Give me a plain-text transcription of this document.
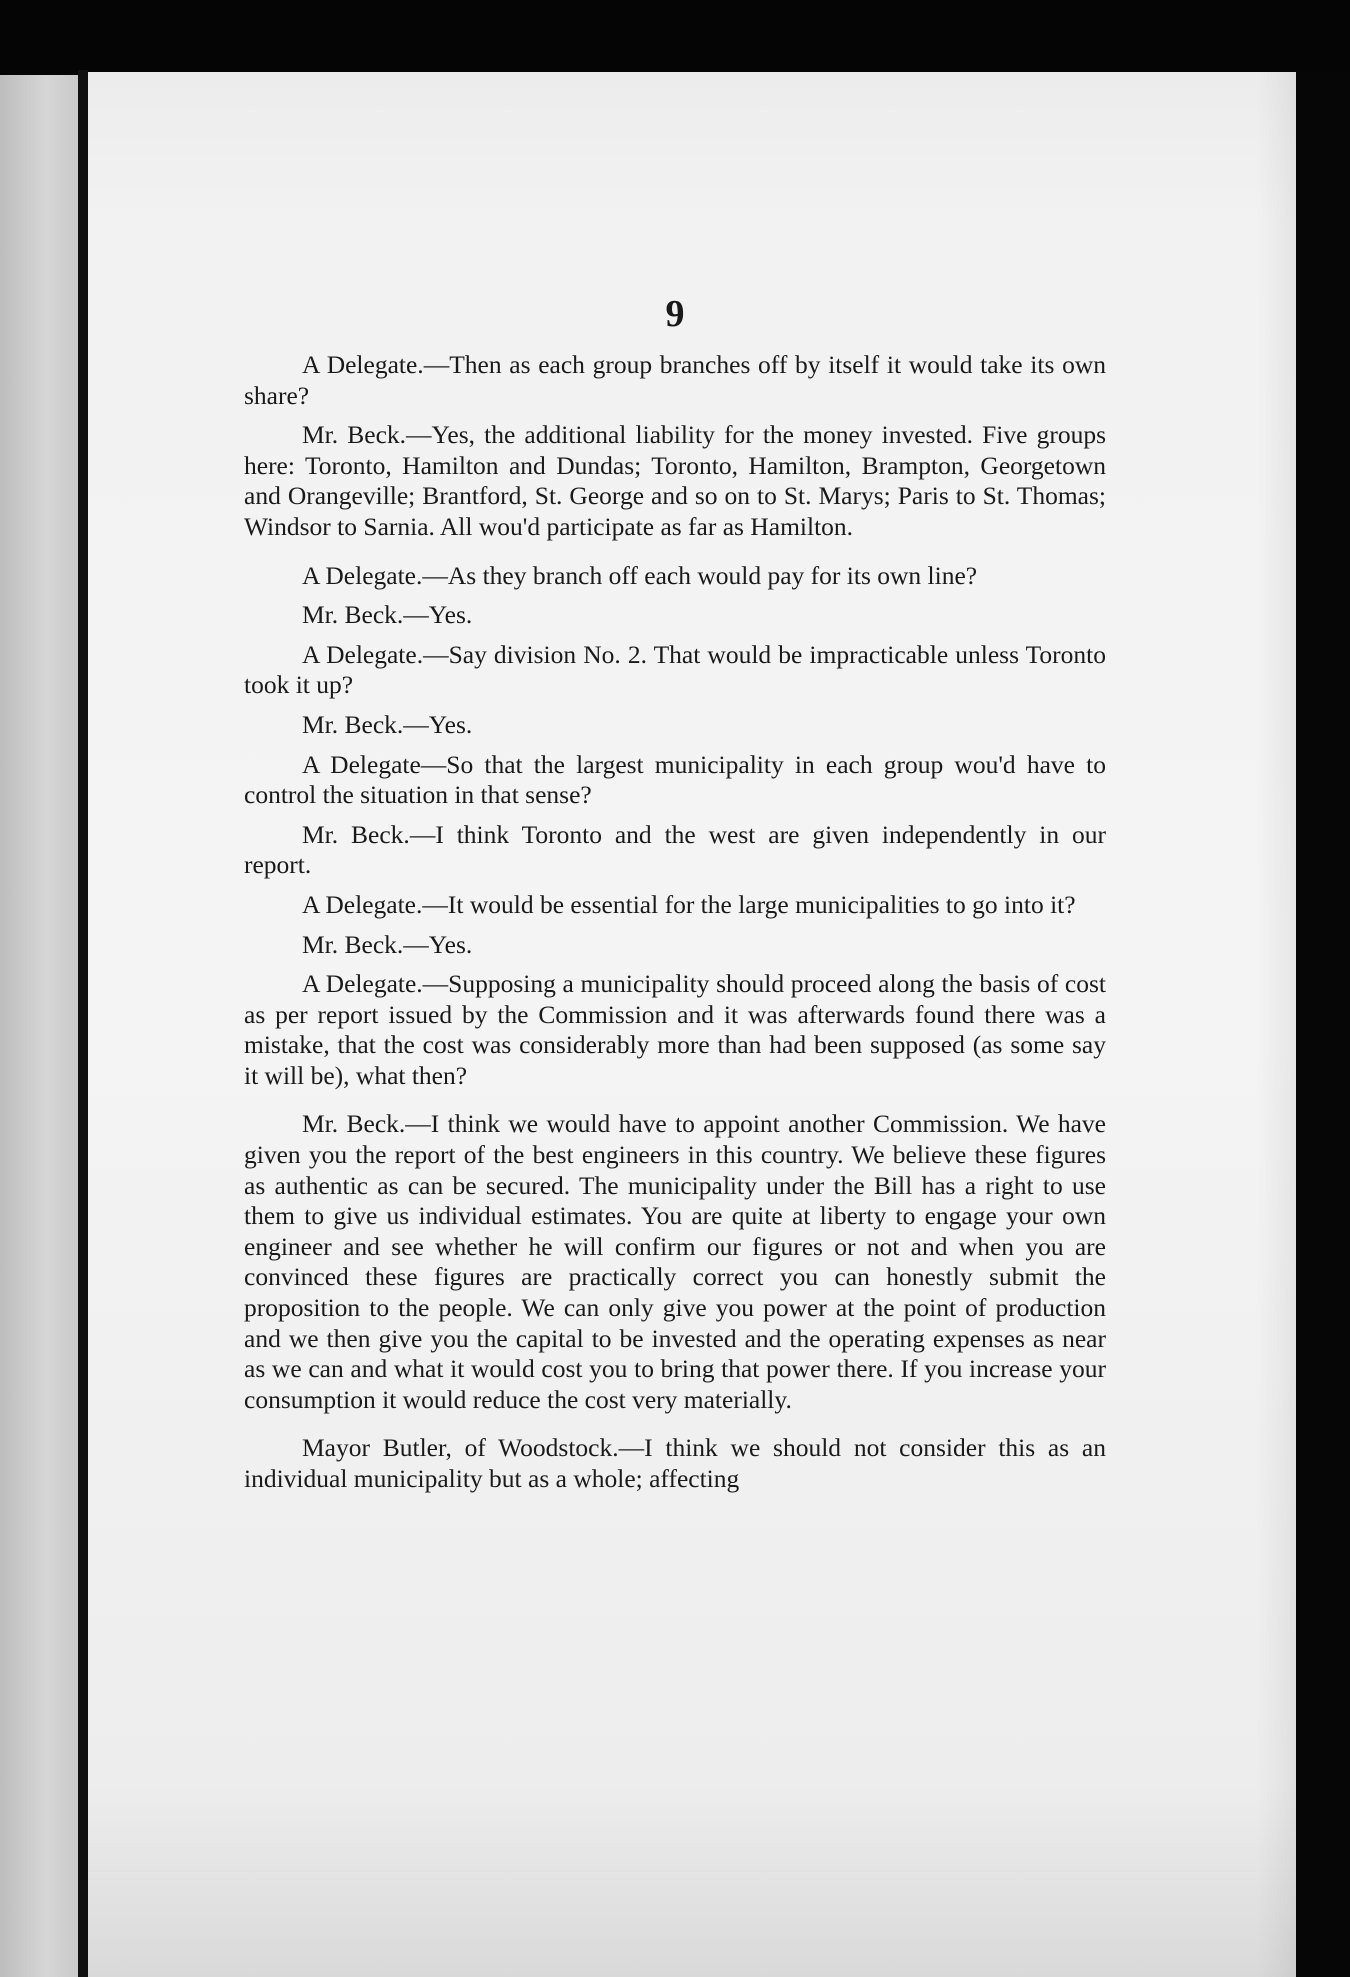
9

A Delegate.—Then as each group branches off by itself it would take its own share?

Mr. Beck.—Yes, the additional liability for the money invested. Five groups here: Toronto, Hamilton and Dundas; Toronto, Hamilton, Brampton, Georgetown and Orangeville; Brantford, St. George and so on to St. Marys; Paris to St. Thomas; Windsor to Sarnia. All wou'd participate as far as Hamilton.

A Delegate.—As they branch off each would pay for its own line?

Mr. Beck.—Yes.

A Delegate.—Say division No. 2. That would be impracticable unless Toronto took it up?

Mr. Beck.—Yes.

A Delegate—So that the largest municipality in each group wou'd have to control the situation in that sense?

Mr. Beck.—I think Toronto and the west are given independently in our report.

A Delegate.—It would be essential for the large municipalities to go into it?

Mr. Beck.—Yes.

A Delegate.—Supposing a municipality should proceed along the basis of cost as per report issued by the Commission and it was afterwards found there was a mistake, that the cost was considerably more than had been supposed (as some say it will be), what then?

Mr. Beck.—I think we would have to appoint another Commission. We have given you the report of the best engineers in this country. We believe these figures as authentic as can be secured. The municipality under the Bill has a right to use them to give us individual estimates. You are quite at liberty to engage your own engineer and see whether he will confirm our figures or not and when you are convinced these figures are practically correct you can honestly submit the proposition to the people. We can only give you power at the point of production and we then give you the capital to be invested and the operating expenses as near as we can and what it would cost you to bring that power there. If you increase your consumption it would reduce the cost very materially.

Mayor Butler, of Woodstock.—I think we should not consider this as an individual municipality but as a whole; affecting
